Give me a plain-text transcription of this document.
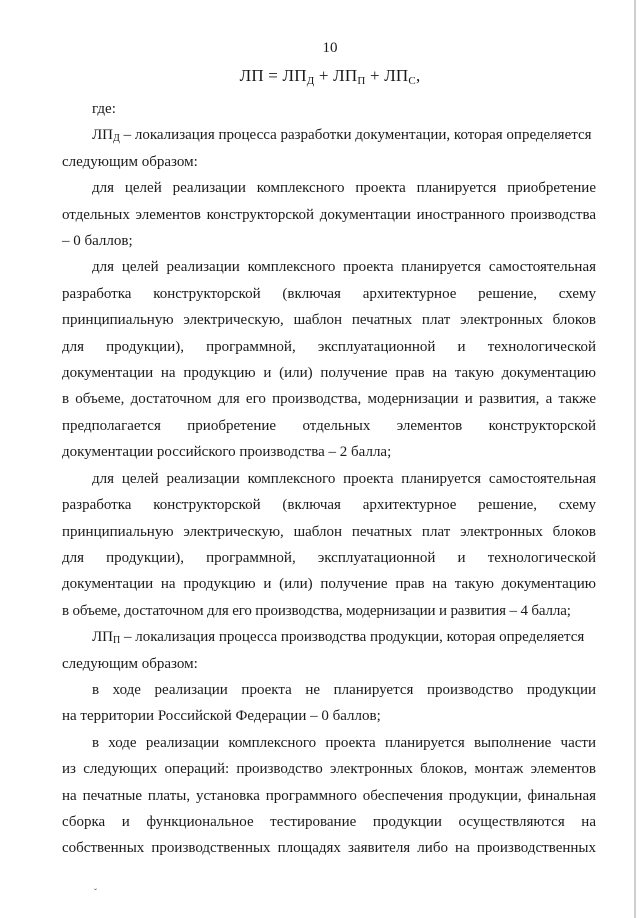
10
ЛП = $ЛП_Д + ЛП_П + ЛП_С$,

где:

$ЛП_Д$ – локализация процесса разработки документации, которая определяется
следующим образом:

для целей реализации комплексного проекта планируется приобретение
отдельных элементов конструкторской документации иностранного производства
– 0 баллов;

для целей реализации комплексного проекта планируется самостоятельная
разработка конструкторской (включая архитектурное решение, схему
принципиальную электрическую, шаблон печатных плат электронных блоков
для продукции), программной, эксплуатационной и технологической
документации на продукцию и (или) получение прав на такую документацию
в объеме, достаточном для его производства, модернизации и развития, а также
предполагается приобретение отдельных элементов конструкторской
документации российского производства – 2 балла;

для целей реализации комплексного проекта планируется самостоятельная
разработка конструкторской (включая архитектурное решение, схему
принципиальную электрическую, шаблон печатных плат электронных блоков
для продукции), программной, эксплуатационной и технологической
документации на продукцию и (или) получение прав на такую документацию
в объеме, достаточном для его производства, модернизации и развития – 4 балла;

$ЛП_П$ – локализация процесса производства продукции, которая определяется
следующим образом:

в ходе реализации проекта не планируется производство продукции
на территории Российской Федерации – 0 баллов;

в ходе реализации комплексного проекта планируется выполнение части
из следующих операций: производство электронных блоков, монтаж элементов
на печатные платы, установка программного обеспечения продукции, финальная
сборка и функциональное тестирование продукции осуществляются на
собственных производственных площадях заявителя либо на производственных

ˇ
